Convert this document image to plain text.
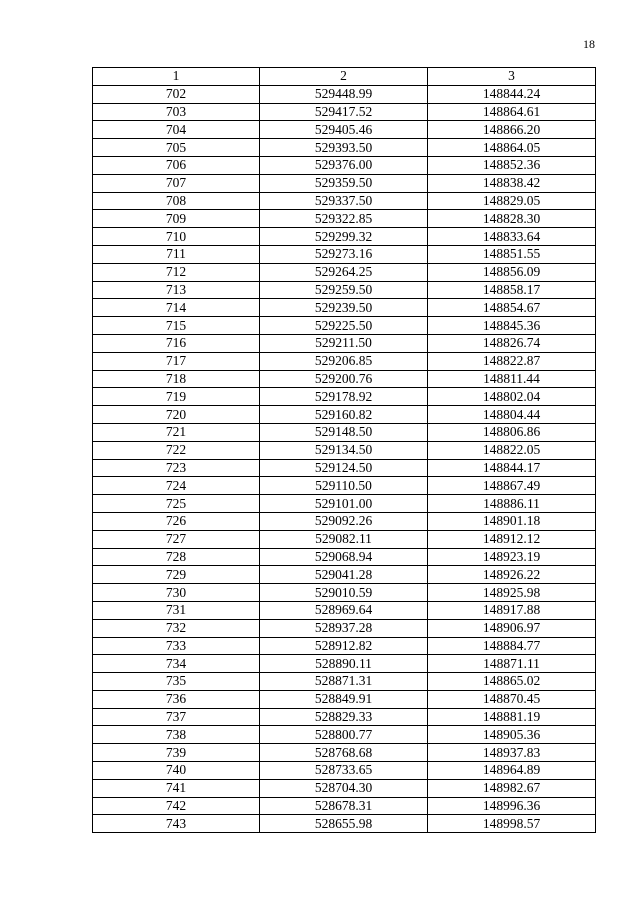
18
1	2	3
702	529448.99	148844.24
703	529417.52	148864.61
704	529405.46	148866.20
705	529393.50	148864.05
706	529376.00	148852.36
707	529359.50	148838.42
708	529337.50	148829.05
709	529322.85	148828.30
710	529299.32	148833.64
711	529273.16	148851.55
712	529264.25	148856.09
713	529259.50	148858.17
714	529239.50	148854.67
715	529225.50	148845.36
716	529211.50	148826.74
717	529206.85	148822.87
718	529200.76	148811.44
719	529178.92	148802.04
720	529160.82	148804.44
721	529148.50	148806.86
722	529134.50	148822.05
723	529124.50	148844.17
724	529110.50	148867.49
725	529101.00	148886.11
726	529092.26	148901.18
727	529082.11	148912.12
728	529068.94	148923.19
729	529041.28	148926.22
730	529010.59	148925.98
731	528969.64	148917.88
732	528937.28	148906.97
733	528912.82	148884.77
734	528890.11	148871.11
735	528871.31	148865.02
736	528849.91	148870.45
737	528829.33	148881.19
738	528800.77	148905.36
739	528768.68	148937.83
740	528733.65	148964.89
741	528704.30	148982.67
742	528678.31	148996.36
743	528655.98	148998.57
